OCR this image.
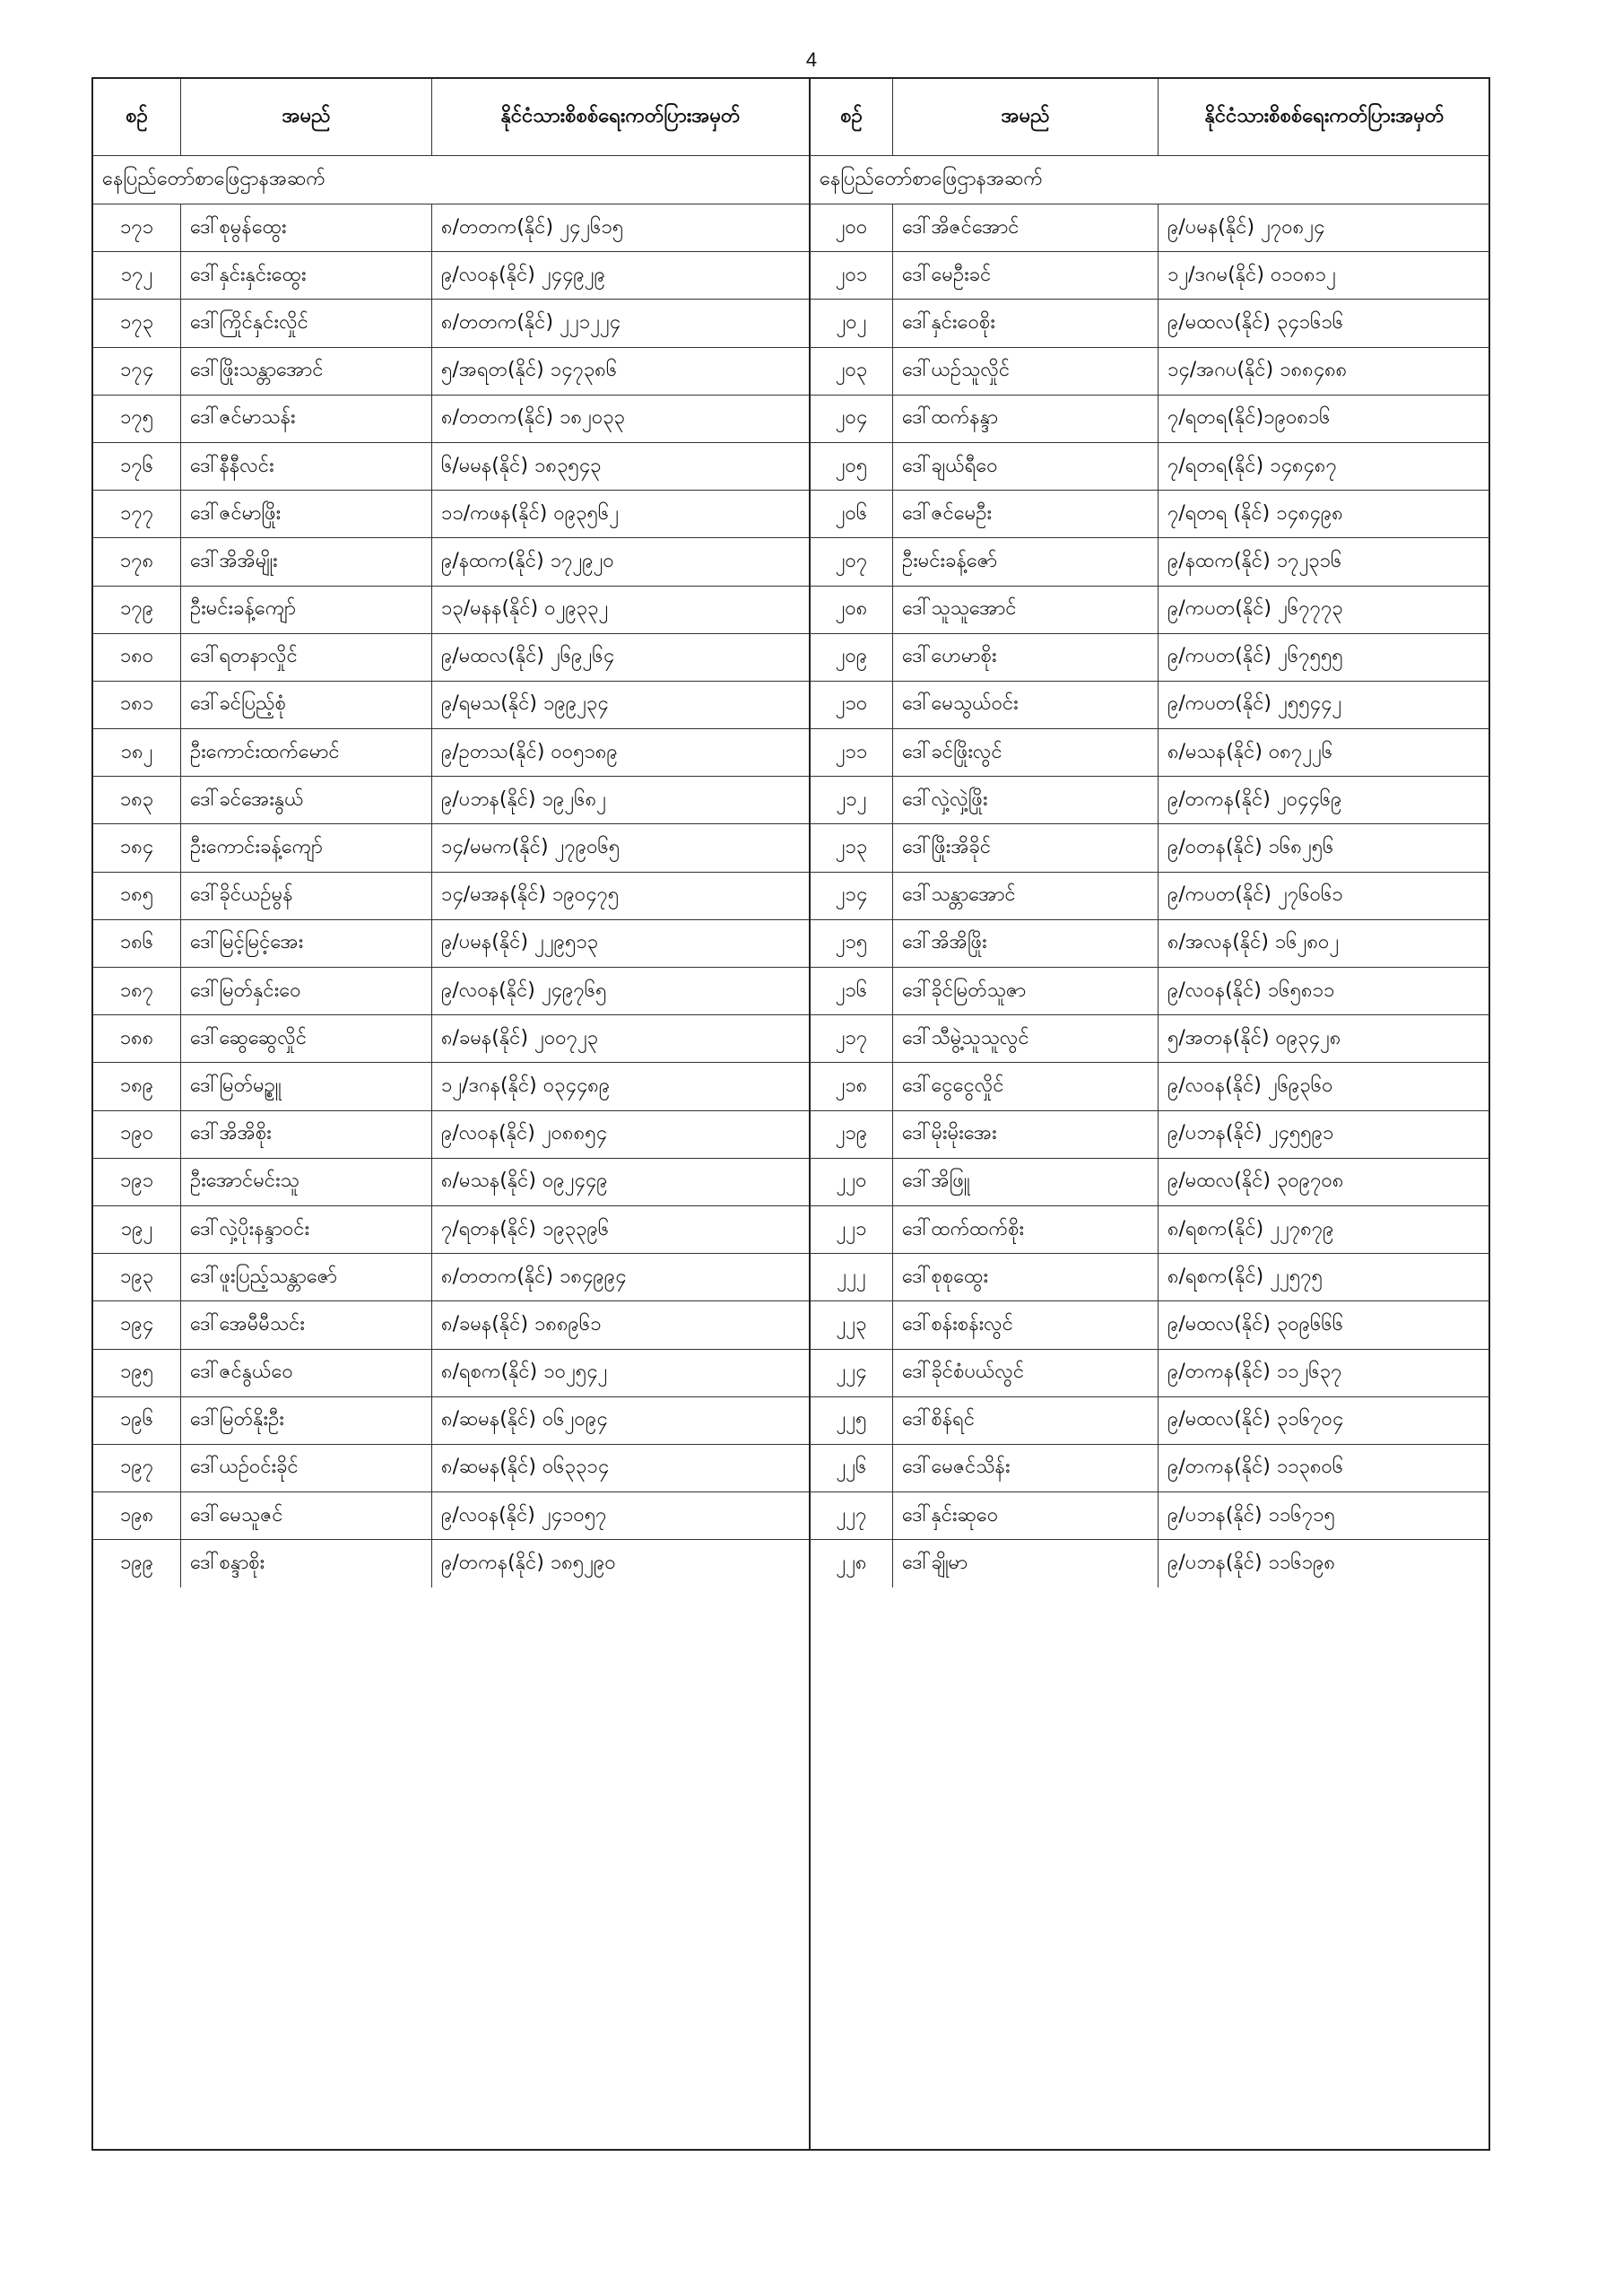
4
စဉ်	အမည်	နိုင်ငံသားစိစစ်ရေးကတ်ပြားအမှတ်
နေပြည်တော်စာဖြေဌာနအဆက်
၁၇၁	ဒေါ်စုမွန်ထွေး	၈/တတက(နိုင်) ၂၄၂၆၁၅
၁၇၂	ဒေါ်နှင်းနှင်းထွေး	၉/လဝန(နိုင်) ၂၄၄၉၂၉
၁၇၃	ဒေါ်ကြိုင်နှင်းလှိုင်	၈/တတက(နိုင်) ၂၂၁၂၂၄
၁၇၄	ဒေါ်ဖြိုးသန္တာအောင်	၅/အရတ(နိုင်) ၁၄၇၃၈၆
၁၇၅	ဒေါ်ဇင်မာသန်း	၈/တတက(နိုင်) ၁၈၂၀၃၃
၁၇၆	ဒေါ်နီနီလင်း	၆/မမန(နိုင်) ၁၈၃၅၄၃
၁၇၇	ဒေါ်ဇင်မာဖြိုး	၁၁/ကဖန(နိုင်) ၀၉၃၅၆၂
၁၇၈	ဒေါ်အိအိမျိုး	၉/နထက(နိုင်) ၁၇၂၉၂၀
၁၇၉	ဦးမင်းခန့်ကျော်	၁၃/မနန(နိုင်) ၀၂၉၃၃၂
၁၈၀	ဒေါ်ရတနာလှိုင်	၉/မထလ(နိုင်) ၂၆၉၂၆၄
၁၈၁	ဒေါ်ခင်ပြည့်စုံ	၉/ရမသ(နိုင်) ၁၉၉၂၃၄
၁၈၂	ဦးကောင်းထက်မောင်	၉/ဥတသ(နိုင်) ၀၀၅၁၈၉
၁၈၃	ဒေါ်ခင်အေးနွယ်	၉/ပဘန(နိုင်) ၁၉၂၆၈၂
၁၈၄	ဦးကောင်းခန့်ကျော်	၁၄/မမက(နိုင်) ၂၇၉၀၆၅
၁၈၅	ဒေါ်ခိုင်ယဉ်မွန်	၁၄/မအန(နိုင်) ၁၉၀၄၇၅
၁၈၆	ဒေါ်မြင့်မြင့်အေး	၉/ပမန(နိုင်) ၂၂၉၅၁၃
၁၈၇	ဒေါ်မြတ်နှင်းဝေ	၉/လဝန(နိုင်) ၂၄၉၇၆၅
၁၈၈	ဒေါ်ဆွေဆွေလှိုင်	၈/ခမန(နိုင်) ၂၀၀၇၂၃
၁၈၉	ဒေါ်မြတ်မဥ္စူ	၁၂/ဒဂန(နိုင်) ၀၃၄၄၈၉
၁၉၀	ဒေါ်အိအိစိုး	၉/လဝန(နိုင်) ၂၀၈၈၅၄
၁၉၁	ဦးအောင်မင်းသူ	၈/မသန(နိုင်) ၀၉၂၄၄၉
၁၉၂	ဒေါ်လှဲ့ပိုးနန္ဒာဝင်း	၇/ရတန(နိုင်) ၁၉၃၃၉၆
၁၉၃	ဒေါ်ဖူးပြည့်သန္တာဇော်	၈/တတက(နိုင်) ၁၈၄၉၉၄
၁၉၄	ဒေါ်အေမီမီသင်း	၈/ခမန(နိုင်) ၁၈၈၉၆၁
၁၉၅	ဒေါ်ဇင်နွယ်ဝေ	၈/ရစက(နိုင်) ၁၀၂၅၄၂
၁၉၆	ဒေါ်မြတ်နိုးဦး	၈/ဆမန(နိုင်) ၀၆၂၀၉၄
၁၉၇	ဒေါ်ယဉ်ဝင်းခိုင်	၈/ဆမန(နိုင်) ၀၆၃၃၁၄
၁၉၈	ဒေါ်မေသူဇင်	၉/လဝန(နိုင်) ၂၄၁၀၅၇
၁၉၉	ဒေါ်စန္ဒာစိုး	၉/တကန(နိုင်) ၁၈၅၂၉၀
စဉ်	အမည်	နိုင်ငံသားစိစစ်ရေးကတ်ပြားအမှတ်
နေပြည်တော်စာဖြေဌာနအဆက်
၂၀၀	ဒေါ်အိဇင်အောင်	၉/ပမန(နိုင်) ၂၇၀၈၂၄
၂၀၁	ဒေါ်မေဦးခင်	၁၂/ဒဂမ(နိုင်) ၀၁၀၈၁၂
၂၀၂	ဒေါ်နှင်းဝေစိုး	၉/မထလ(နိုင်) ၃၄၁၆၁၆
၂၀၃	ဒေါ်ယဉ်သူလှိုင်	၁၄/အဂပ(နိုင်) ၁၈၈၄၈၈
၂၀၄	ဒေါ်ထက်နန္ဒာ	၇/ရတရ(နိုင်)၁၉၀၈၁၆
၂၀၅	ဒေါ်ချယ်ရီဝေ	၇/ရတရ(နိုင်) ၁၄၈၄၈၇
၂၀၆	ဒေါ်ဇင်မေဦး	၇/ရတရ (နိုင်) ၁၄၈၄၉၈
၂၀၇	ဦးမင်းခန့်ဇော်	၉/နထက(နိုင်) ၁၇၂၃၁၆
၂၀၈	ဒေါ်သူသူအောင်	၉/ကပတ(နိုင်) ၂၆၇၇၇၃
၂၀၉	ဒေါ်ဟေမာစိုး	၉/ကပတ(နိုင်) ၂၆၇၅၅၅
၂၁၀	ဒေါ်မေသွယ်ဝင်း	၉/ကပတ(နိုင်) ၂၅၅၄၄၂
၂၁၁	ဒေါ်ခင်ဖြိုးလွင်	၈/မသန(နိုင်) ၀၈၇၂၂၆
၂၁၂	ဒေါ်လှဲ့လှဲ့ဖြိုး	၉/တကန(နိုင်) ၂၀၄၄၆၉
၂၁၃	ဒေါ်ဖြိုးအိခိုင်	၉/ဝတန(နိုင်) ၁၆၈၂၅၆
၂၁၄	ဒေါ်သန္တာအောင်	၉/ကပတ(နိုင်) ၂၇၆၀၆၁
၂၁၅	ဒေါ်အိအိဖြိုး	၈/အလန(နိုင်) ၁၆၂၈၀၂
၂၁၆	ဒေါ်ခိုင်မြတ်သူဇာ	၉/လဝန(နိုင်) ၁၆၅၈၁၁
၂၁၇	ဒေါ်သီမွဲ့သူသူလွင်	၅/အတန(နိုင်) ၀၉၃၄၂၈
၂၁၈	ဒေါ်ငွေငွေလှိုင်	၉/လဝန(နိုင်) ၂၆၉၃၆၀
၂၁၉	ဒေါ်မိုးမိုးအေး	၉/ပဘန(နိုင်) ၂၄၅၅၉၁
၂၂၀	ဒေါ်အိဖြူ	၉/မထလ(နိုင်) ၃၀၉၇၀၈
၂၂၁	ဒေါ်ထက်ထက်စိုး	၈/ရစက(နိုင်) ၂၂၇၈၇၉
၂၂၂	ဒေါ်စုစုထွေး	၈/ရစက(နိုင်) ၂၂၅၇၅
၂၂၃	ဒေါ်စန်းစန်းလွင်	၉/မထလ(နိုင်) ၃၀၉၆၆၆
၂၂၄	ဒေါ်ခိုင်စံပယ်လွင်	၉/တကန(နိုင်) ၁၁၂၆၃၇
၂၂၅	ဒေါ်စိန်ရင်	၉/မထလ(နိုင်) ၃၁၆၇၀၄
၂၂၆	ဒေါ်မေဇင်သိန်း	၉/တကန(နိုင်) ၁၁၃၈၀၆
၂၂၇	ဒေါ်နှင်းဆုဝေ	၉/ပဘန(နိုင်) ၁၁၆၇၁၅
၂၂၈	ဒေါ်ချိုမာ	၉/ပဘန(နိုင်) ၁၁၆၁၉၈
